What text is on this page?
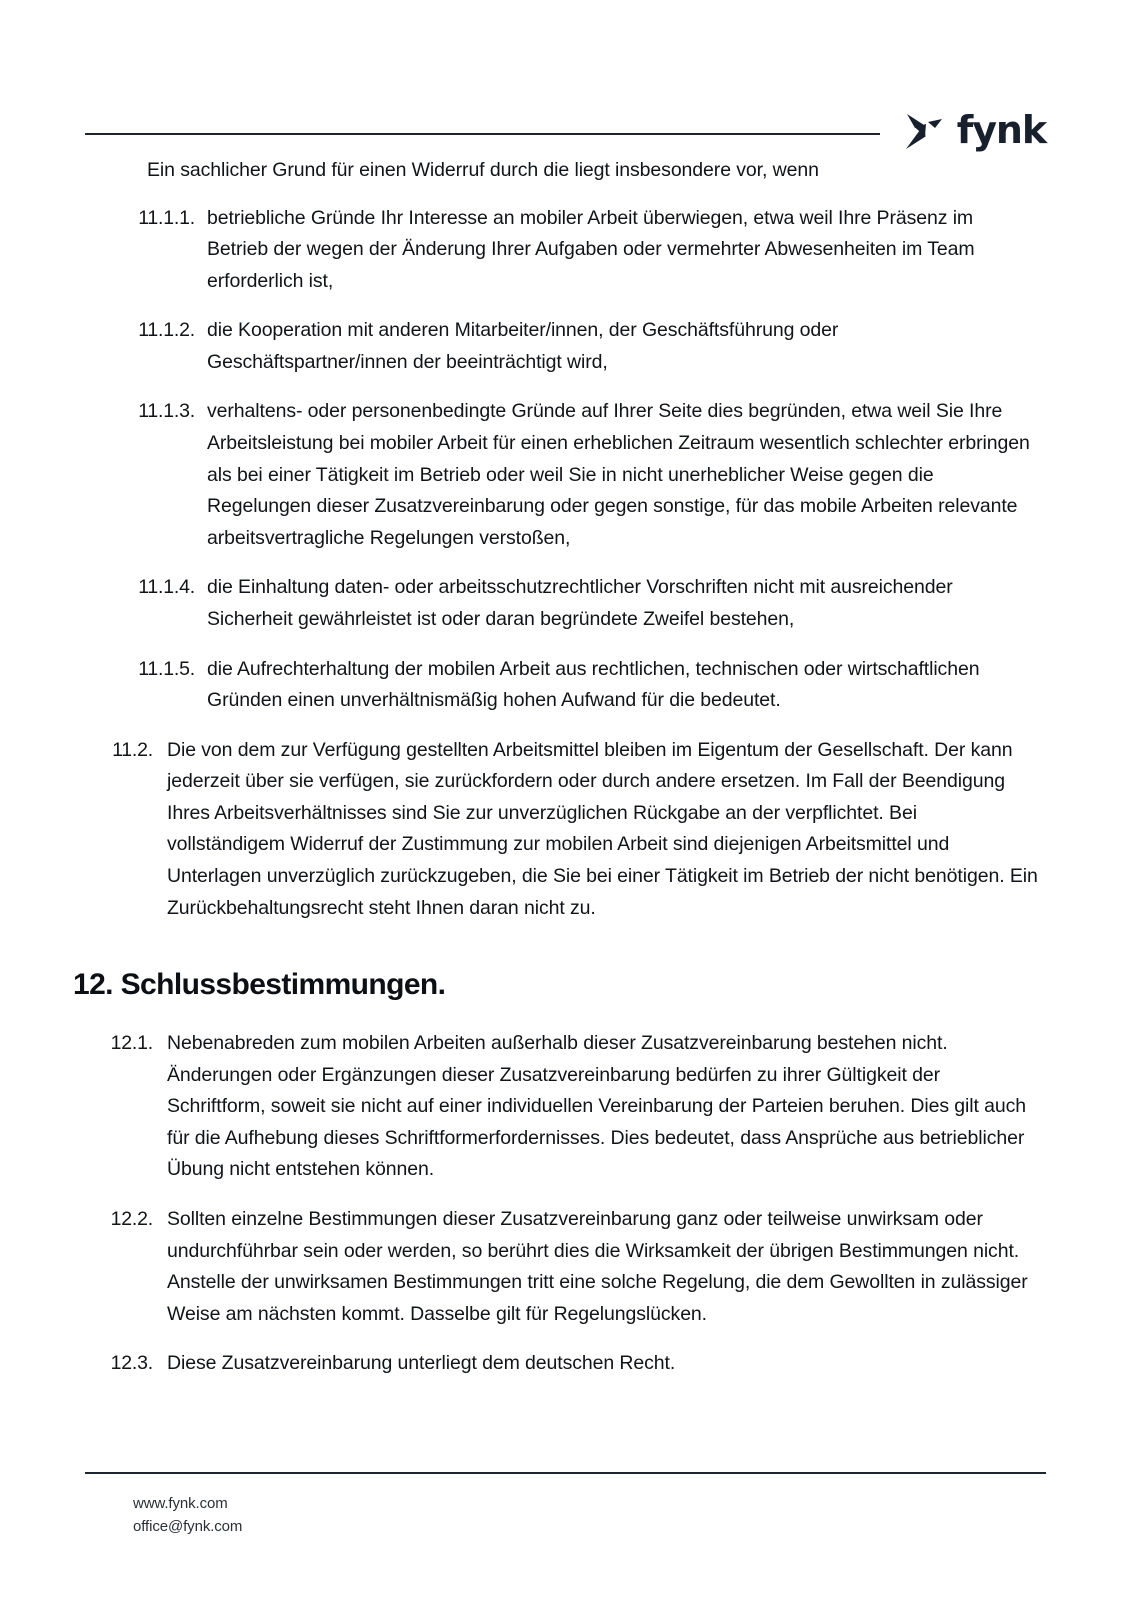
fynk

Ein sachlicher Grund für einen Widerruf durch die liegt insbesondere vor, wenn

11.1.1. betriebliche Gründe Ihr Interesse an mobiler Arbeit überwiegen, etwa weil Ihre Präsenz im Betrieb der wegen der Änderung Ihrer Aufgaben oder vermehrter Abwesenheiten im Team erforderlich ist,
11.1.2. die Kooperation mit anderen Mitarbeiter/innen, der Geschäftsführung oder Geschäftspartner/innen der beeinträchtigt wird,
11.1.3. verhaltens- oder personenbedingte Gründe auf Ihrer Seite dies begründen, etwa weil Sie Ihre Arbeitsleistung bei mobiler Arbeit für einen erheblichen Zeitraum wesentlich schlechter erbringen als bei einer Tätigkeit im Betrieb oder weil Sie in nicht unerheblicher Weise gegen die Regelungen dieser Zusatzvereinbarung oder gegen sonstige, für das mobile Arbeiten relevante arbeitsvertragliche Regelungen verstoßen,
11.1.4. die Einhaltung daten- oder arbeitsschutzrechtlicher Vorschriften nicht mit ausreichender Sicherheit gewährleistet ist oder daran begründete Zweifel bestehen,
11.1.5. die Aufrechterhaltung der mobilen Arbeit aus rechtlichen, technischen oder wirtschaftlichen Gründen einen unverhältnismäßig hohen Aufwand für die bedeutet.
11.2. Die von dem zur Verfügung gestellten Arbeitsmittel bleiben im Eigentum der Gesellschaft. Der kann jederzeit über sie verfügen, sie zurückfordern oder durch andere ersetzen. Im Fall der Beendigung Ihres Arbeitsverhältnisses sind Sie zur unverzüglichen Rückgabe an der verpflichtet. Bei vollständigem Widerruf der Zustimmung zur mobilen Arbeit sind diejenigen Arbeitsmittel und Unterlagen unverzüglich zurückzugeben, die Sie bei einer Tätigkeit im Betrieb der nicht benötigen. Ein Zurückbehaltungsrecht steht Ihnen daran nicht zu.
12. Schlussbestimmungen.
12.1. Nebenabreden zum mobilen Arbeiten außerhalb dieser Zusatzvereinbarung bestehen nicht. Änderungen oder Ergänzungen dieser Zusatzvereinbarung bedürfen zu ihrer Gültigkeit der Schriftform, soweit sie nicht auf einer individuellen Vereinbarung der Parteien beruhen. Dies gilt auch für die Aufhebung dieses Schriftformerfordernisses. Dies bedeutet, dass Ansprüche aus betrieblicher Übung nicht entstehen können.
12.2. Sollten einzelne Bestimmungen dieser Zusatzvereinbarung ganz oder teilweise unwirksam oder undurchführbar sein oder werden, so berührt dies die Wirksamkeit der übrigen Bestimmungen nicht. Anstelle der unwirksamen Bestimmungen tritt eine solche Regelung, die dem Gewollten in zulässiger Weise am nächsten kommt. Dasselbe gilt für Regelungslücken.
12.3. Diese Zusatzvereinbarung unterliegt dem deutschen Recht.
www.fynk.com
office@fynk.com
